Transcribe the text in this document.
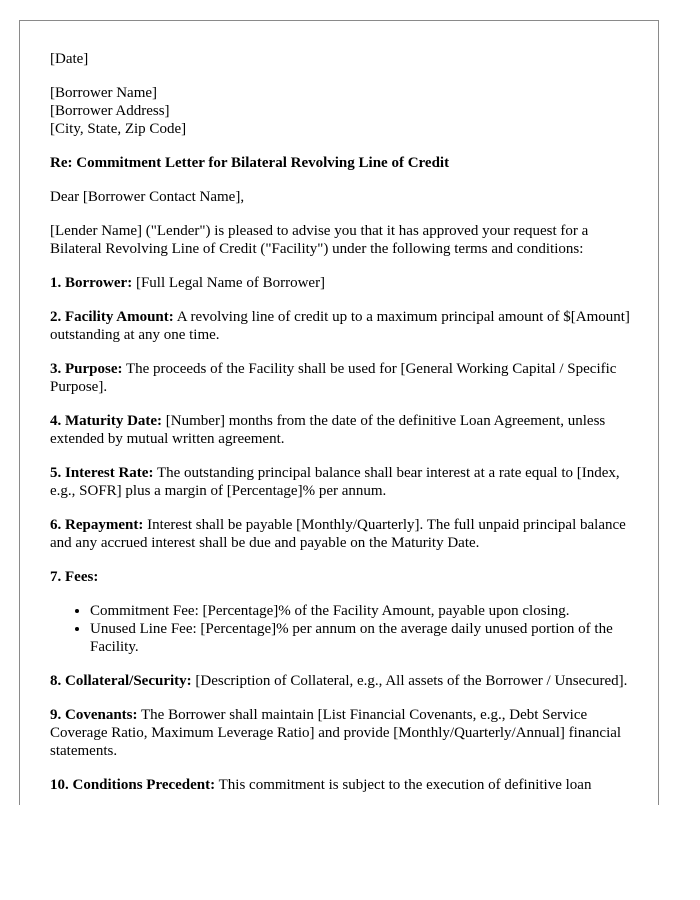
[Date]
[Borrower Name]
[Borrower Address]
[City, State, Zip Code]
Re: Commitment Letter for Bilateral Revolving Line of Credit
Dear [Borrower Contact Name],
[Lender Name] ("Lender") is pleased to advise you that it has approved your request for a Bilateral Revolving Line of Credit ("Facility") under the following terms and conditions:
1. Borrower: [Full Legal Name of Borrower]
2. Facility Amount: A revolving line of credit up to a maximum principal amount of $[Amount] outstanding at any one time.
3. Purpose: The proceeds of the Facility shall be used for [General Working Capital / Specific Purpose].
4. Maturity Date: [Number] months from the date of the definitive Loan Agreement, unless extended by mutual written agreement.
5. Interest Rate: The outstanding principal balance shall bear interest at a rate equal to [Index, e.g., SOFR] plus a margin of [Percentage]% per annum.
6. Repayment: Interest shall be payable [Monthly/Quarterly]. The full unpaid principal balance and any accrued interest shall be due and payable on the Maturity Date.
7. Fees:
• Commitment Fee: [Percentage]% of the Facility Amount, payable upon closing.
• Unused Line Fee: [Percentage]% per annum on the average daily unused portion of the Facility.
8. Collateral/Security: [Description of Collateral, e.g., All assets of the Borrower / Unsecured].
9. Covenants: The Borrower shall maintain [List Financial Covenants, e.g., Debt Service Coverage Ratio, Maximum Leverage Ratio] and provide [Monthly/Quarterly/Annual] financial statements.
10. Conditions Precedent: This commitment is subject to the execution of definitive loan
